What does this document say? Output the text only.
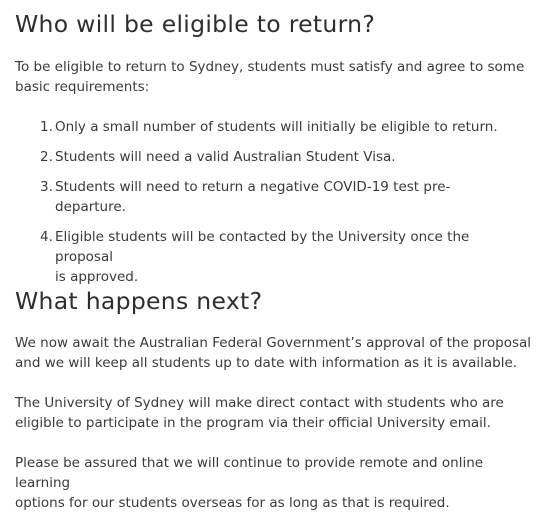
Who will be eligible to return?

To be eligible to return to Sydney, students must satisfy and agree to some
basic requirements:

1. Only a small number of students will initially be eligible to return.
2. Students will need a valid Australian Student Visa.
3. Students will need to return a negative COVID-19 test pre-departure.
4. Eligible students will be contacted by the University once the proposal
is approved.
What happens next?

We now await the Australian Federal Government’s approval of the proposal
and we will keep all students up to date with information as it is available.

The University of Sydney will make direct contact with students who are
eligible to participate in the program via their official University email.

Please be assured that we will continue to provide remote and online learning
options for our students overseas for as long as that is required.
